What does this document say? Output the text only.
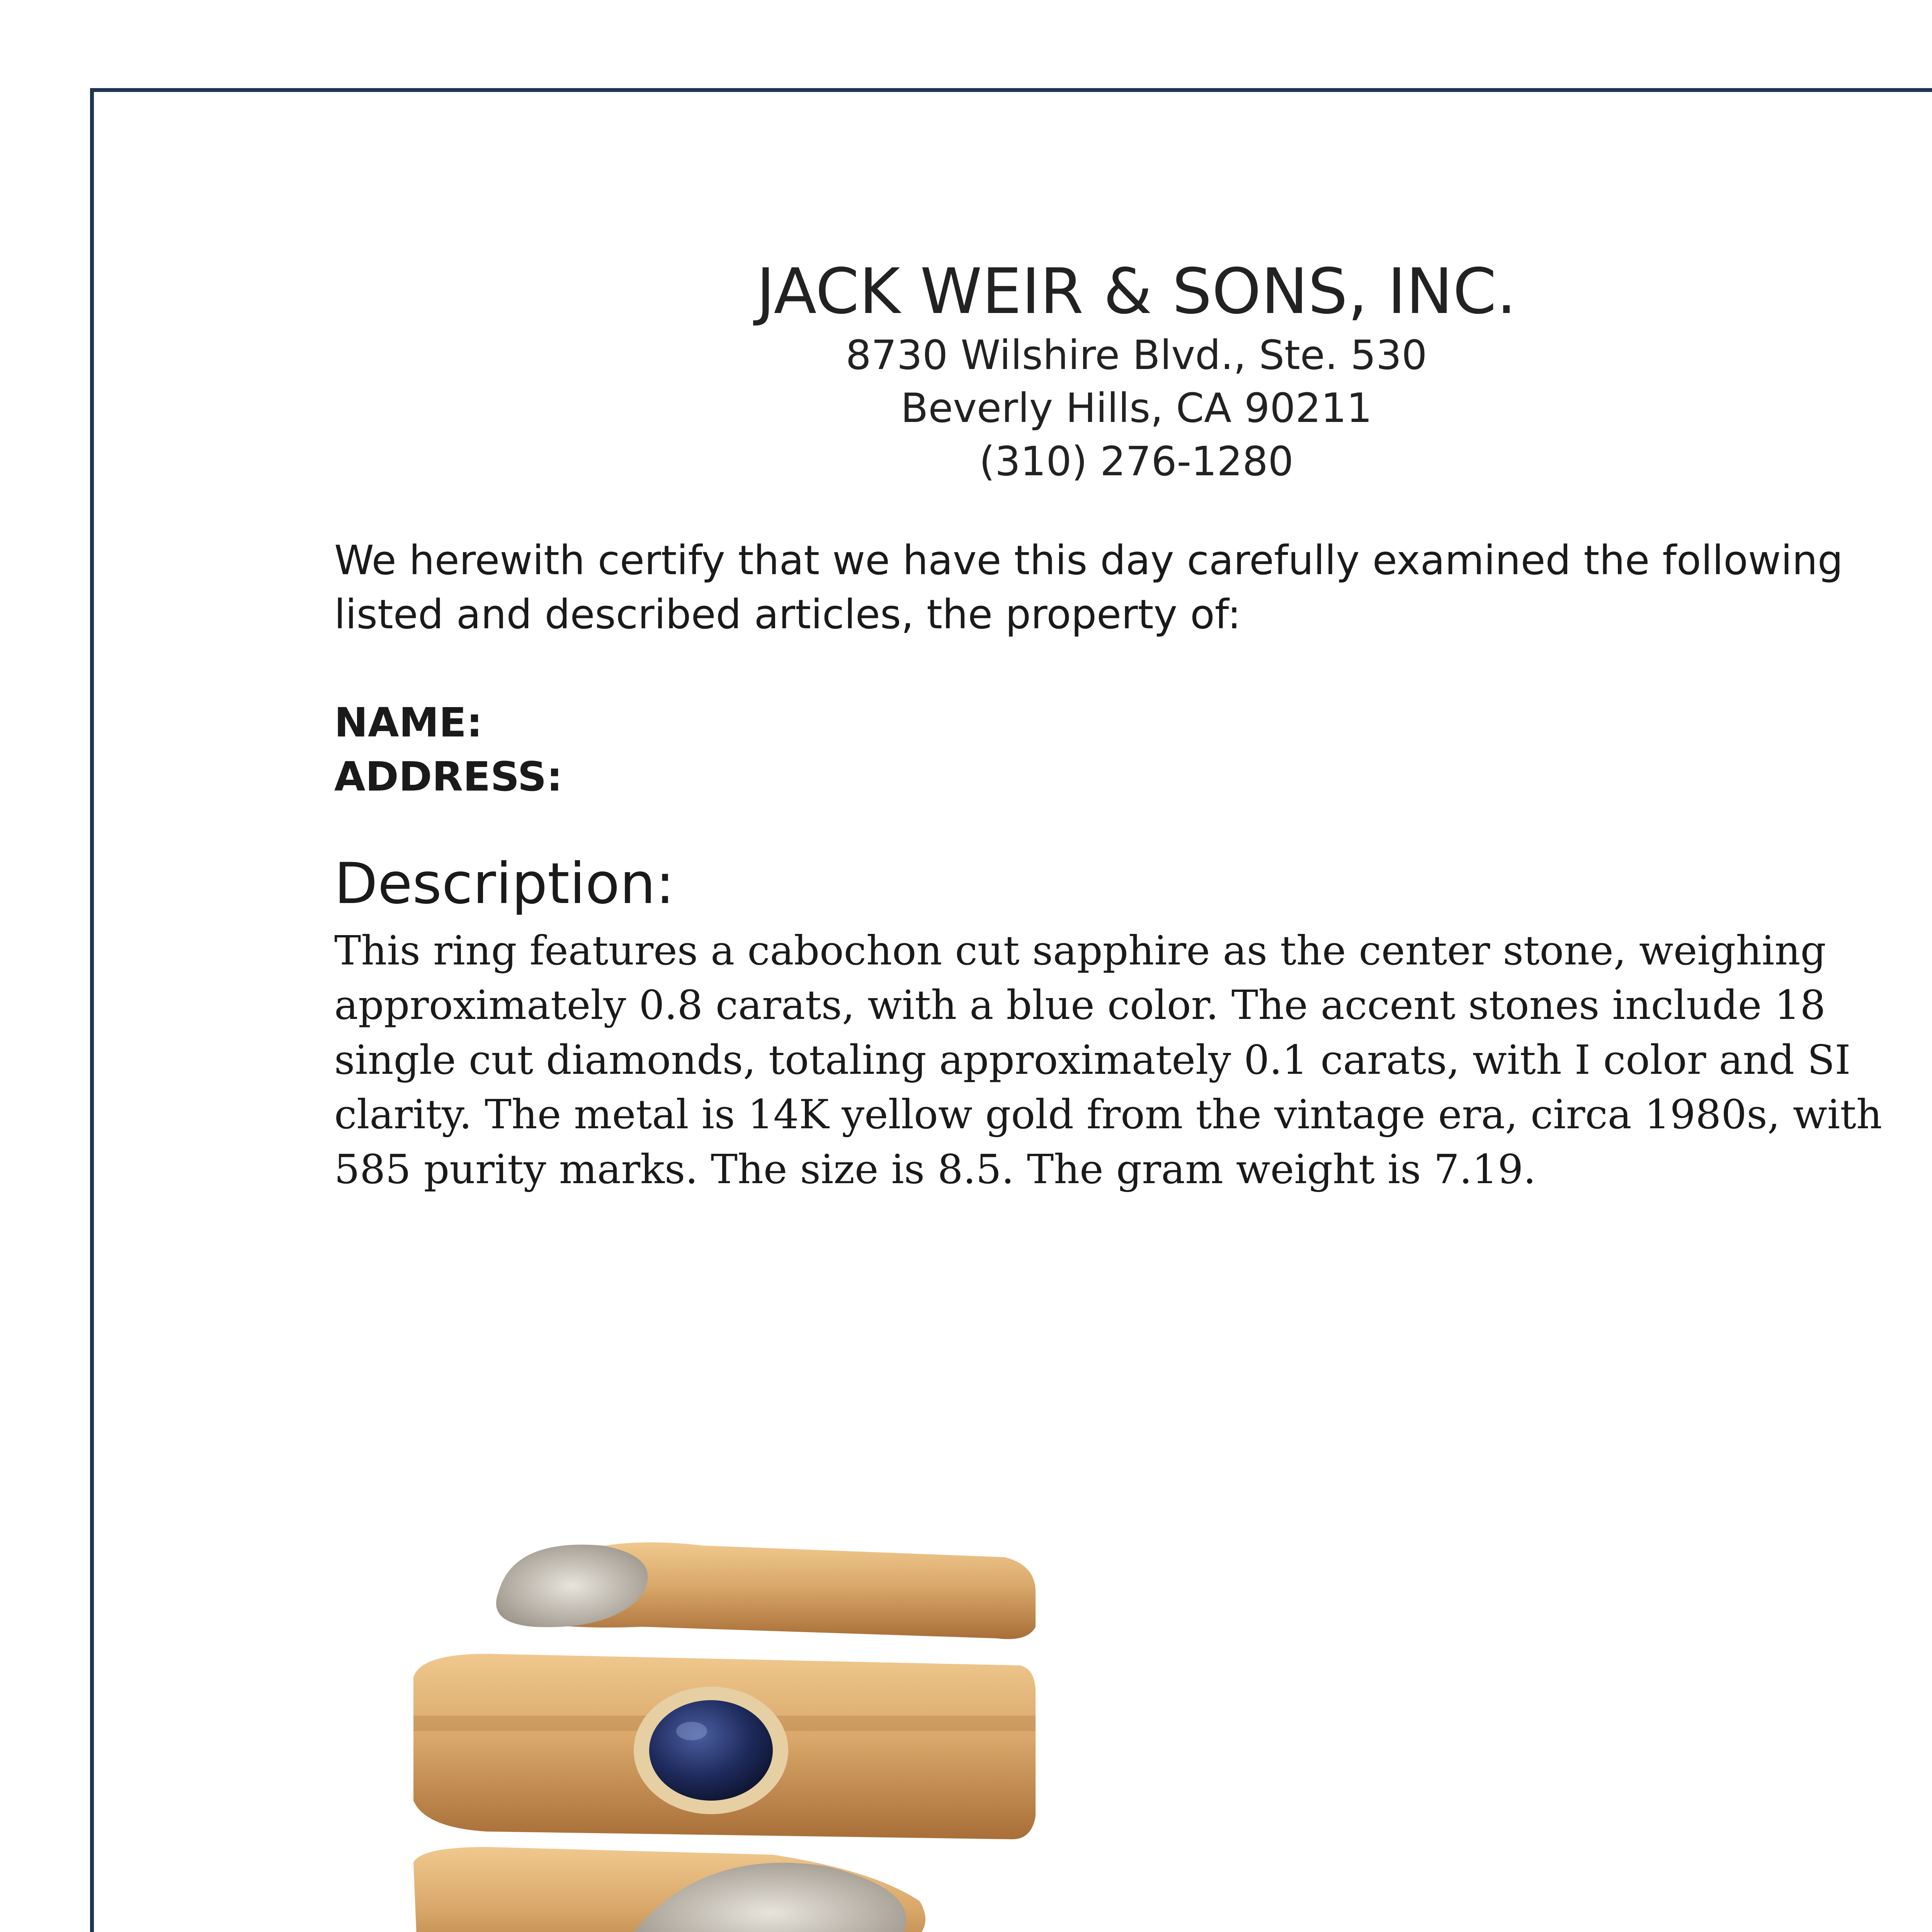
JACK WEIR & SONS, INC.
8730 Wilshire Blvd., Ste. 530
Beverly Hills, CA 90211
(310) 276-1280
We herewith certify that we have this day carefully examined the following listed and described articles, the property of:
NAME:
ADDRESS:
Description:
This ring features a cabochon cut sapphire as the center stone, weighing approximately 0.8 carats, with a blue color. The accent stones include 18 single cut diamonds, totaling approximately 0.1 carats, with I color and SI clarity. The metal is 14K yellow gold from the vintage era, circa 1980s, with 585 purity marks. The size is 8.5. The gram weight is 7.19.
